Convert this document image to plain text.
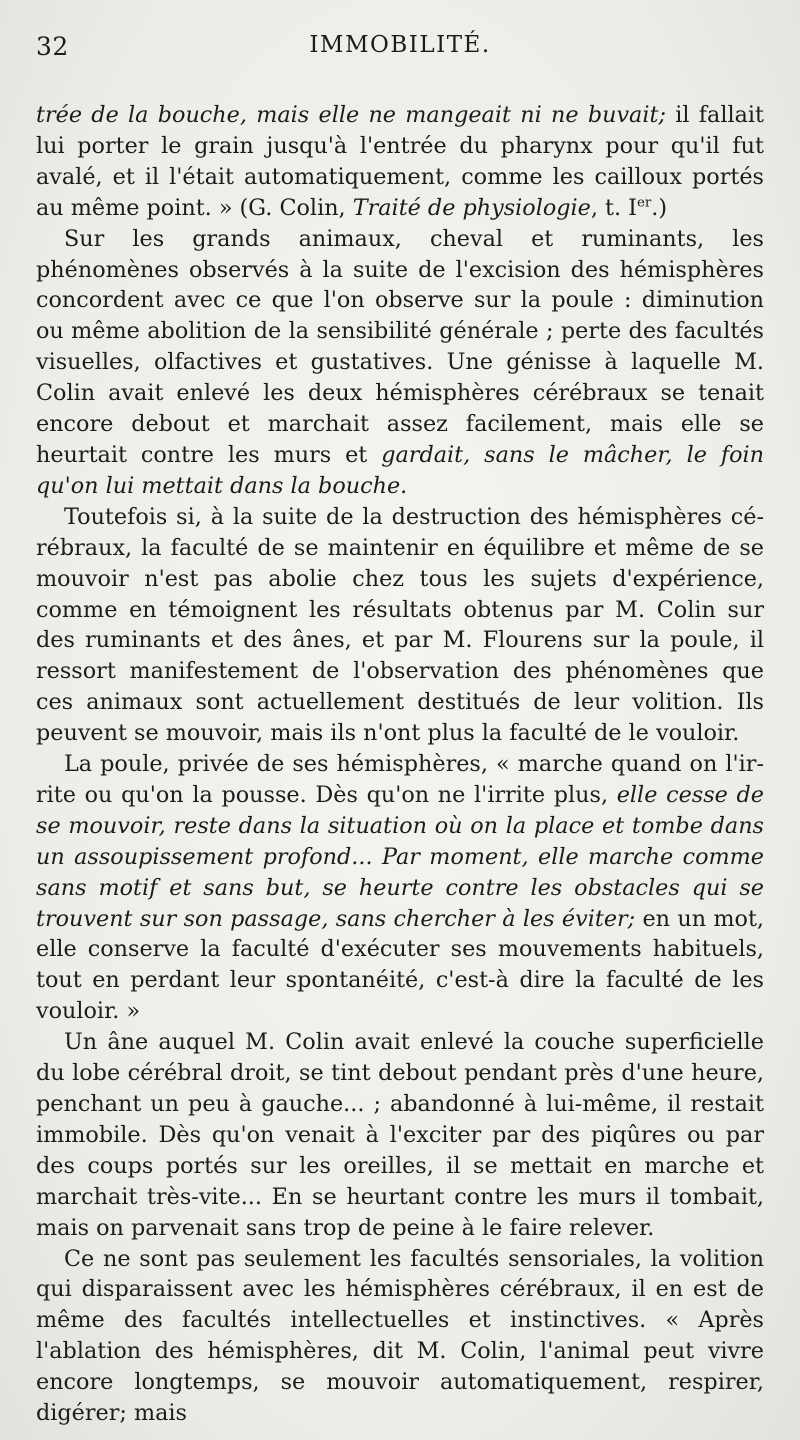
32	IMMOBILITÉ.

trée de la bouche, mais elle ne mangeait ni ne buvait; il fallait lui porter le grain jusqu'à l'entrée du pharynx pour qu'il fut avalé, et il l'était automatiquement, comme les cailloux portés au même point. » (G. Colin, Traité de physiologie, t. Ier.)

Sur les grands animaux, cheval et ruminants, les phénomènes observés à la suite de l'excision des hémisphères concordent avec ce que l'on observe sur la poule : diminution ou même abolition de la sensibilité générale ; perte des facultés visuelles, olfactives et gustatives. Une génisse à laquelle M. Colin avait enlevé les deux hémisphères cérébraux se tenait encore debout et marchait assez facilement, mais elle se heurtait contre les murs et gardait, sans le mâcher, le foin qu'on lui mettait dans la bouche.

Toutefois si, à la suite de la destruction des hémisphères cérébraux, la faculté de se maintenir en équilibre et même de se mouvoir n'est pas abolie chez tous les sujets d'expérience, comme en témoignent les résultats obtenus par M. Colin sur des ruminants et des ânes, et par M. Flourens sur la poule, il ressort manifestement de l'observation des phénomènes que ces animaux sont actuellement destitués de leur volition. Ils peuvent se mouvoir, mais ils n'ont plus la faculté de le vouloir.

La poule, privée de ses hémisphères, « marche quand on l'irrite ou qu'on la pousse. Dès qu'on ne l'irrite plus, elle cesse de se mouvoir, reste dans la situation où on la place et tombe dans un assoupissement profond... Par moment, elle marche comme sans motif et sans but, se heurte contre les obstacles qui se trouvent sur son passage, sans chercher à les éviter; en un mot, elle conserve la faculté d'exécuter ses mouvements habituels, tout en perdant leur spontanéité, c'est-à dire la faculté de les vouloir. »

Un âne auquel M. Colin avait enlevé la couche superficielle du lobe cérébral droit, se tint debout pendant près d'une heure, penchant un peu à gauche... ; abandonné à lui-même, il restait immobile. Dès qu'on venait à l'exciter par des piqûres ou par des coups portés sur les oreilles, il se mettait en marche et marchait très-vite... En se heurtant contre les murs il tombait, mais on parvenait sans trop de peine à le faire relever.

Ce ne sont pas seulement les facultés sensoriales, la volition qui disparaissent avec les hémisphères cérébraux, il en est de même des facultés intellectuelles et instinctives. « Après l'ablation des hémisphères, dit M. Colin, l'animal peut vivre encore longtemps, se mouvoir automatiquement, respirer, digérer; mais
